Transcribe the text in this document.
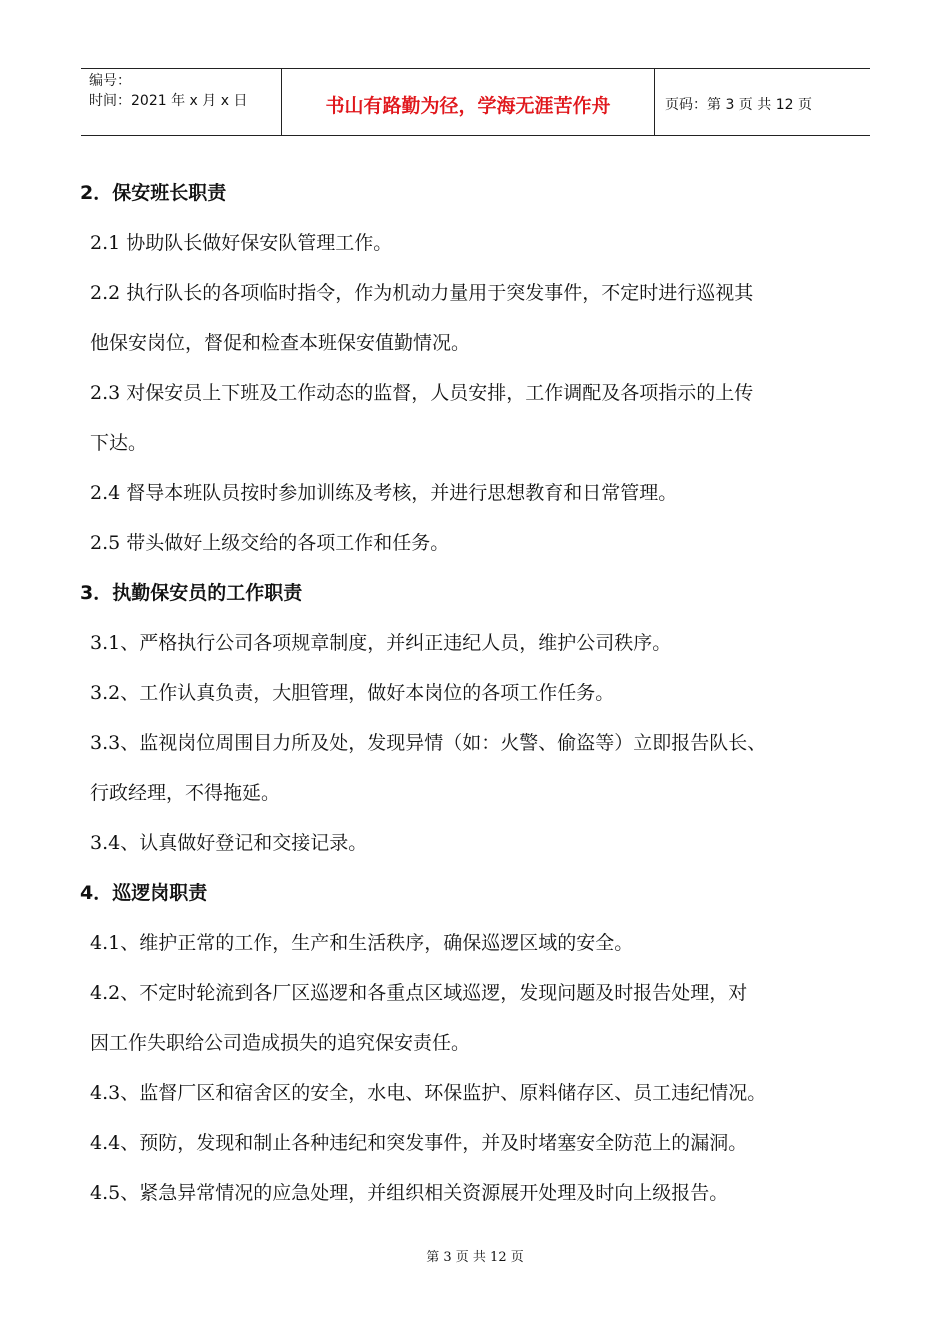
编号：
时间：2021 年 x 月 x 日	书山有路勤为径，学海无涯苦作舟	页码：第 3 页 共 12 页
2．保安班长职责
2.1 协助队长做好保安队管理工作。
2.2 执行队长的各项临时指令，作为机动力量用于突发事件，不定时进行巡视其
他保安岗位，督促和检查本班保安值勤情况。
2.3 对保安员上下班及工作动态的监督，人员安排，工作调配及各项指示的上传
下达。
2.4 督导本班队员按时参加训练及考核，并进行思想教育和日常管理。
2.5 带头做好上级交给的各项工作和任务。
3．执勤保安员的工作职责
3.1、严格执行公司各项规章制度，并纠正违纪人员，维护公司秩序。
3.2、工作认真负责，大胆管理，做好本岗位的各项工作任务。
3.3、监视岗位周围目力所及处，发现异情（如：火警、偷盗等）立即报告队长、
行政经理，不得拖延。
3.4、认真做好登记和交接记录。
4．巡逻岗职责
4.1、维护正常的工作，生产和生活秩序，确保巡逻区域的安全。
4.2、不定时轮流到各厂区巡逻和各重点区域巡逻，发现问题及时报告处理，对
因工作失职给公司造成损失的追究保安责任。
4.3、监督厂区和宿舍区的安全，水电、环保监护、原料储存区、员工违纪情况。
4.4、预防，发现和制止各种违纪和突发事件，并及时堵塞安全防范上的漏洞。
4.5、紧急异常情况的应急处理，并组织相关资源展开处理及时向上级报告。
第 3 页 共 12 页
